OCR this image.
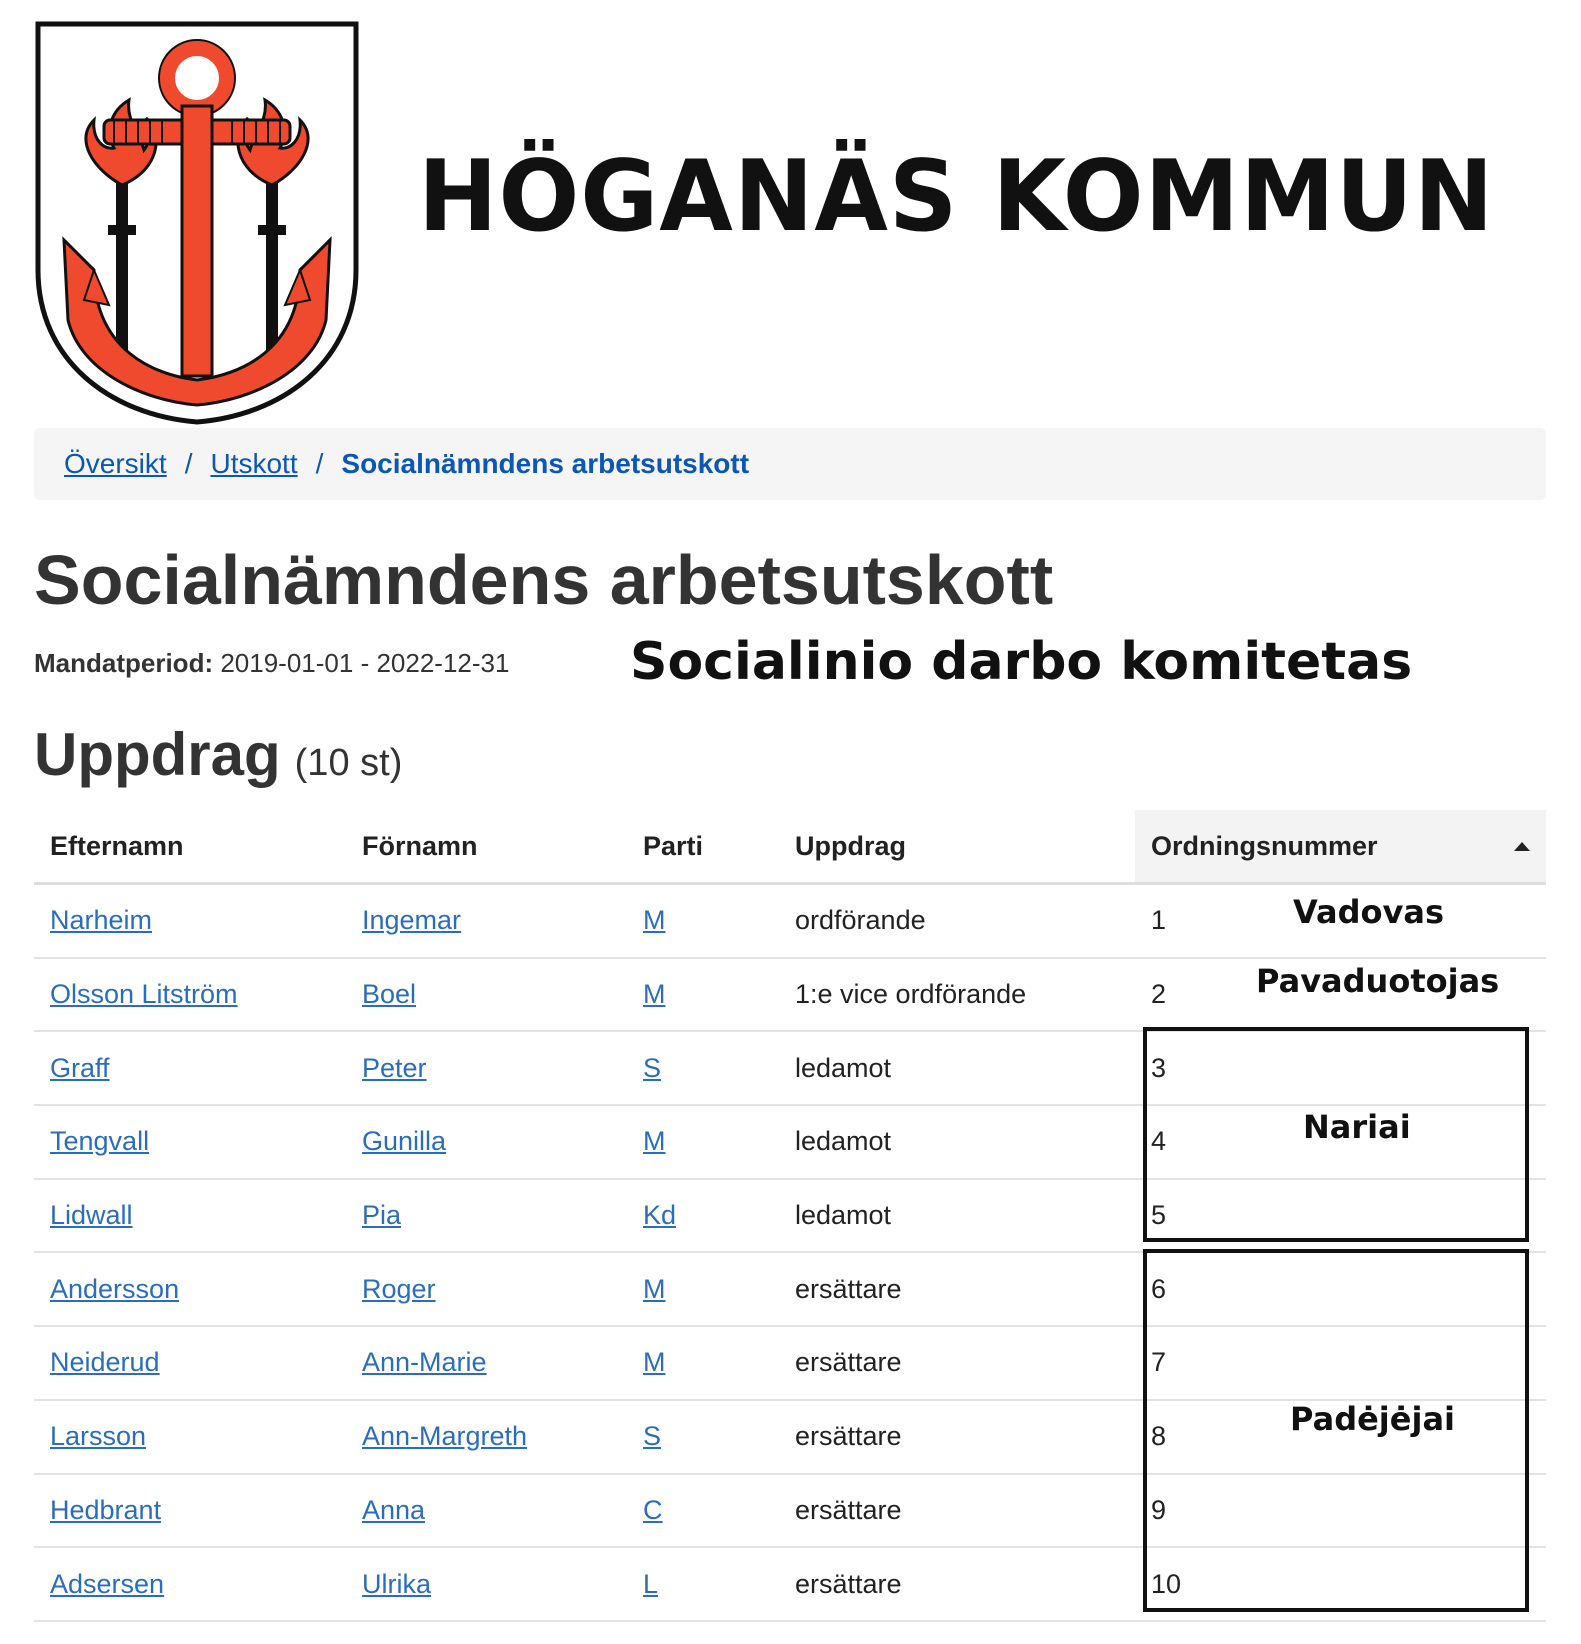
HÖGANÄS KOMMUN
Översikt / Utskott / Socialnämndens arbetsutskott
Socialnämndens arbetsutskott
Mandatperiod: 2019-01-01 - 2022-12-31 Socialinio darbo komitetas
Uppdrag (10 st)
Efternamn	Förnamn	Parti	Uppdrag	Ordningsnummer
Narheim	Ingemar	M	ordförande	1
Olsson Litström	Boel	M	1:e vice ordförande	2
Graff	Peter	S	ledamot	3
Tengvall	Gunilla	M	ledamot	4
Lidwall	Pia	Kd	ledamot	5
Andersson	Roger	M	ersättare	6
Neiderud	Ann-Marie	M	ersättare	7
Larsson	Ann-Margreth	S	ersättare	8
Hedbrant	Anna	C	ersättare	9
Adsersen	Ulrika	L	ersättare	10
Vadovas
Pavaduotojas
Nariai
Padėjėjai
